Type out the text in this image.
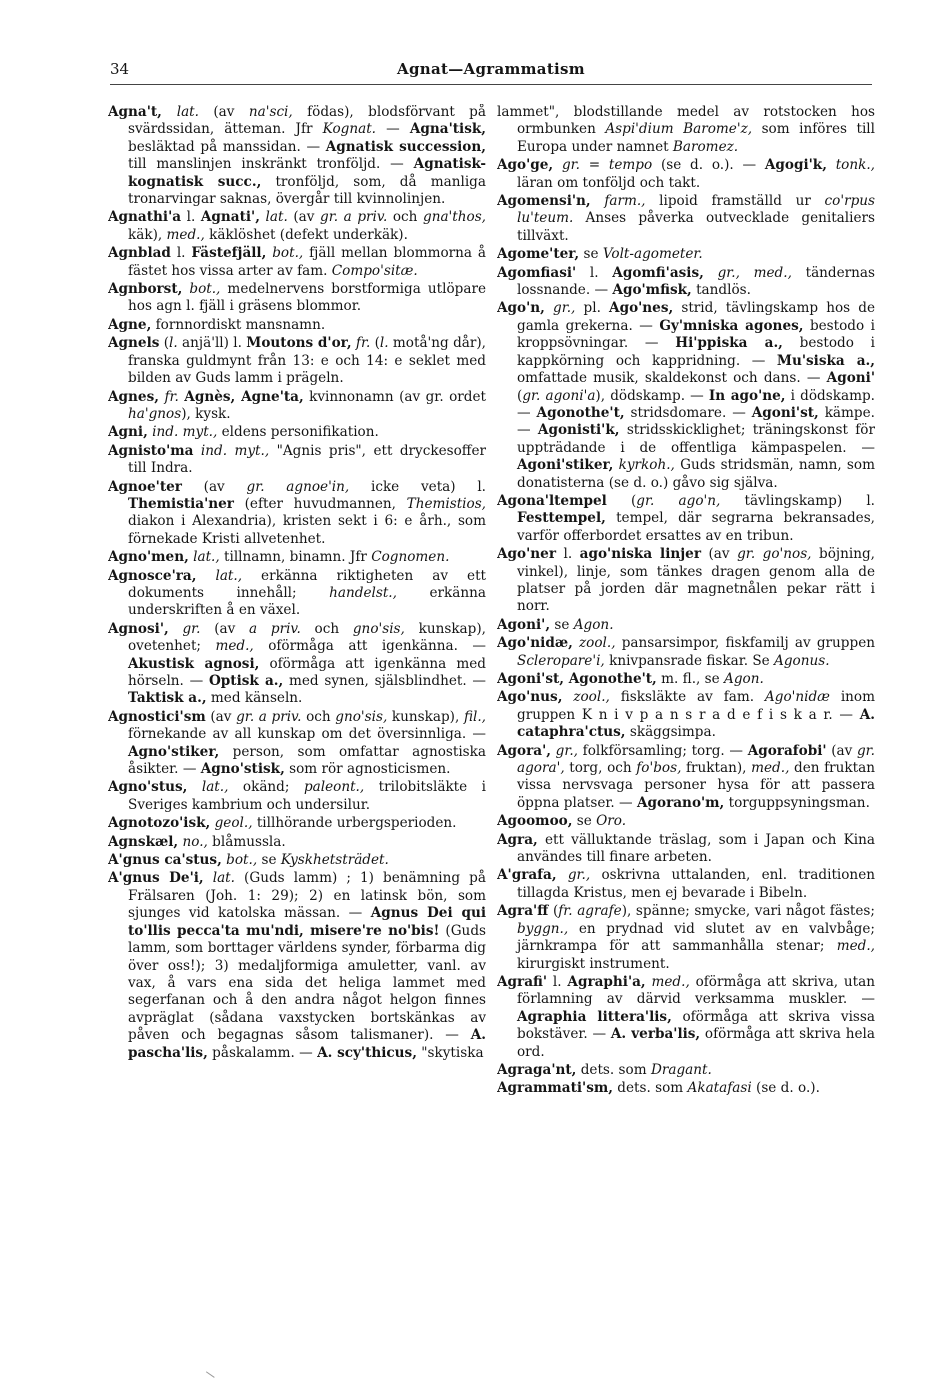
34	Agnat—Agrammatism

Agna't, lat. (av na'sci, födas), blodsförvant på svärdssidan, ätteman. Jfr Kognat. — Agna'tisk, besläktad på manssidan. — Agnatisk succession, till manslinjen inskränkt tronföljd. — Agnatisk-kognatisk succ., tronföljd, som, då manliga tronarvingar saknas, övergår till kvinnolinjen.

Agnathi'a l. Agnati', lat. (av gr. a priv. och gna'thos, käk), med., käklöshet (defekt underkäk).

Agnblad l. Fästefjäll, bot., fjäll mellan blommorna å fästet hos vissa arter av fam. Compo'sitæ.

Agnborst, bot., medelnervens borstformiga utlöpare hos agn l. fjäll i gräsens blommor.

Agne, fornnordiskt mansnamn.

Agnels (l. anjä'll) l. Moutons d'or, fr. (l. motå'ng dår), franska guldmynt från 13: e och 14: e seklet med bilden av Guds lamm i prägeln.

Agnes, fr. Agnès, Agne'ta, kvinnonamn (av gr. ordet ha'gnos), kysk.

Agni, ind. myt., eldens personifikation.

Agnisto'ma ind. myt., "Agnis pris", ett dryckesoffer till Indra.

Agnoe'ter (av gr. agnoe'in, icke veta) l. Themistia'ner (efter huvudmannen, Themistios, diakon i Alexandria), kristen sekt i 6: e årh., som förnekade Kristi allvetenhet.

Agno'men, lat., tillnamn, binamn. Jfr Cognomen.

Agnosce'ra, lat., erkänna riktigheten av ett dokuments innehåll; handelst., erkänna underskriften å en växel.

Agnosi', gr. (av a priv. och gno'sis, kunskap), ovetenhet; med., oförmåga att igenkänna. — Akustisk agnosi, oförmåga att igenkänna med hörseln. — Optisk a., med synen, själsblindhet. — Taktisk a., med känseln.

Agnostici'sm (av gr. a priv. och gno'sis, kunskap), fil., förnekande av all kunskap om det översinnliga. — Agno'stiker, person, som omfattar agnostiska åsikter. — Agno'stisk, som rör agnosticismen.

Agno'stus, lat., okänd; paleont., trilobitsläkte i Sveriges kambrium och undersilur.

Agnotozo'isk, geol., tillhörande urbergsperioden.

Agnskæl, no., blåmussla.

A'gnus ca'stus, bot., se Kyskhetsträdet.

A'gnus De'i, lat. (Guds lamm) ; 1) benämning på Frälsaren (Joh. 1: 29); 2) en latinsk bön, som sjunges vid katolska mässan. — Agnus Dei qui to'llis pecca'ta mu'ndi, misere're no'bis! (Guds lamm, som borttager världens synder, förbarma dig över oss!); 3) medaljformiga amuletter, vanl. av vax, å vars ena sida det heliga lammet med segerfanan och å den andra något helgon finnes avpräglat (sådana vaxstycken bortskänkas av påven och begagnas såsom talismaner). — A. pascha'lis, påskalamm. — A. scy'thicus, "skytiska

lammet", blodstillande medel av rotstocken hos ormbunken Aspi'dium Barome'z, som införes till Europa under namnet Baromez.

Ago'ge, gr. = tempo (se d. o.). — Agogi'k, tonk., läran om tonföljd och takt.

Agomensi'n, farm., lipoid framställd ur co'rpus lu'teum. Anses påverka outvecklade genitaliers tillväxt.

Agome'ter, se Volt-agometer.

Agomfiasi' l. Agomfi'asis, gr., med., tändernas lossnande. — Ago'mfisk, tandlös.

Ago'n, gr., pl. Ago'nes, strid, tävlingskamp hos de gamla grekerna. — Gy'mniska agones, bestodo i kroppsövningar. — Hi'ppiska a., bestodo i kappkörning och kappridning. — Mu'siska a., omfattade musik, skaldekonst och dans. — Agoni' (gr. agoni'a), dödskamp. — In ago'ne, i dödskamp. — Agonothe't, stridsdomare. — Agoni'st, kämpe. — Agonisti'k, stridsskicklighet; träningskonst för uppträdande i de offentliga kämpaspelen. — Agoni'stiker, kyrkoh., Guds stridsmän, namn, som donatisterna (se d. o.) gåvo sig själva.

Agona'ltempel (gr. ago'n, tävlingskamp) l. Festtempel, tempel, där segrarna bekransades, varför offerbordet ersattes av en tribun.

Ago'ner l. ago'niska linjer (av gr. go'nos, böjning, vinkel), linje, som tänkes dragen genom alla de platser på jorden där magnetnålen pekar rätt i norr.

Agoni', se Agon.

Ago'nidæ, zool., pansarsimpor, fiskfamilj av gruppen Scleropare'i, knivpansrade fiskar. Se Agonus.

Agoni'st, Agonothe't, m. fl., se Agon.

Ago'nus, zool., fisksläkte av fam. Ago'nidæ inom gruppen K n i v p a n s r a d e f i s k a r. — A. cataphra'ctus, skäggsimpa.

Agora', gr., folkförsamling; torg. — Agorafobi' (av gr. agora', torg, och fo'bos, fruktan), med., den fruktan vissa nervsvaga personer hysa för att passera öppna platser. — Agorano'm, torguppsyningsman.

Agoomoo, se Oro.

Agra, ett välluktande träslag, som i Japan och Kina användes till finare arbeten.

A'grafa, gr., oskrivna uttalanden, enl. traditionen tillagda Kristus, men ej bevarade i Bibeln.

Agra'ff (fr. agrafe), spänne; smycke, vari något fästes; byggn., en prydnad vid slutet av en valvbåge; järnkrampa för att sammanhålla stenar; med., kirurgiskt instrument.

Agrafi' l. Agraphi'a, med., oförmåga att skriva, utan förlamning av därvid verksamma muskler. — Agraphia littera'lis, oförmåga att skriva vissa bokstäver. — A. verba'lis, oförmåga att skriva hela ord.

Agraga'nt, dets. som Dragant.

Agrammati'sm, dets. som Akatafasi (se d. o.).
